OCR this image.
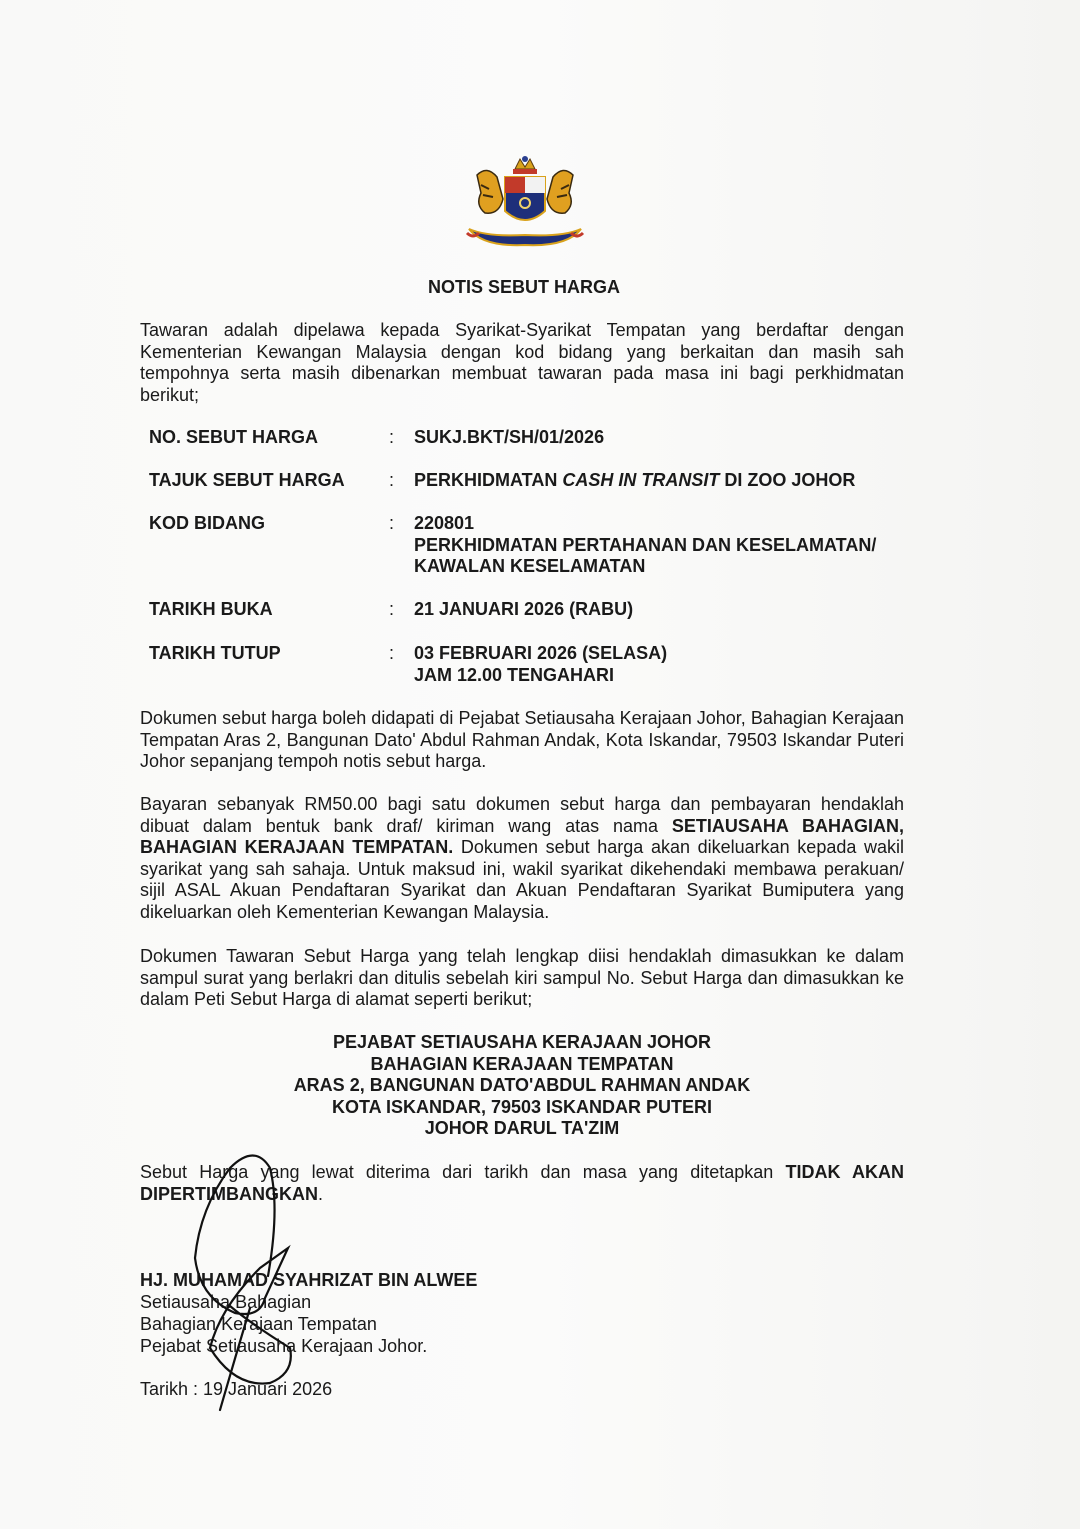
NOTIS SEBUT HARGA
Tawaran adalah dipelawa kepada Syarikat-Syarikat Tempatan yang berdaftar dengan Kementerian Kewangan Malaysia dengan kod bidang yang berkaitan dan masih sah tempohnya serta masih dibenarkan membuat tawaran pada masa ini bagi perkhidmatan berikut;
NO. SEBUT HARGA	: SUKJ.BKT/SH/01/2026
TAJUK SEBUT HARGA	: PERKHIDMATAN CASH IN TRANSIT DI ZOO JOHOR
KOD BIDANG	: 220801
PERKHIDMATAN PERTAHANAN DAN KESELAMATAN/
KAWALAN KESELAMATAN
TARIKH BUKA	: 21 JANUARI 2026 (RABU)
TARIKH TUTUP	: 03 FEBRUARI 2026 (SELASA)
JAM 12.00 TENGAHARI
Dokumen sebut harga boleh didapati di Pejabat Setiausaha Kerajaan Johor, Bahagian Kerajaan Tempatan Aras 2, Bangunan Dato' Abdul Rahman Andak, Kota Iskandar, 79503 Iskandar Puteri Johor sepanjang tempoh notis sebut harga.
Bayaran sebanyak RM50.00 bagi satu dokumen sebut harga dan pembayaran hendaklah dibuat dalam bentuk bank draf/ kiriman wang atas nama SETIAUSAHA BAHAGIAN, BAHAGIAN KERAJAAN TEMPATAN. Dokumen sebut harga akan dikeluarkan kepada wakil syarikat yang sah sahaja. Untuk maksud ini, wakil syarikat dikehendaki membawa perakuan/ sijil ASAL Akuan Pendaftaran Syarikat dan Akuan Pendaftaran Syarikat Bumiputera yang dikeluarkan oleh Kementerian Kewangan Malaysia.
Dokumen Tawaran Sebut Harga yang telah lengkap diisi hendaklah dimasukkan ke dalam sampul surat yang berlakri dan ditulis sebelah kiri sampul No. Sebut Harga dan dimasukkan ke dalam Peti Sebut Harga di alamat seperti berikut;
PEJABAT SETIAUSAHA KERAJAAN JOHOR
BAHAGIAN KERAJAAN TEMPATAN
ARAS 2, BANGUNAN DATO'ABDUL RAHMAN ANDAK
KOTA ISKANDAR, 79503 ISKANDAR PUTERI
JOHOR DARUL TA'ZIM
Sebut Harga yang lewat diterima dari tarikh dan masa yang ditetapkan TIDAK AKAN DIPERTIMBANGKAN.
HJ. MUHAMAD SYAHRIZAT BIN ALWEE
Setiausaha Bahagian
Bahagian Kerajaan Tempatan
Pejabat Setiausaha Kerajaan Johor.
Tarikh : 19 Januari 2026
